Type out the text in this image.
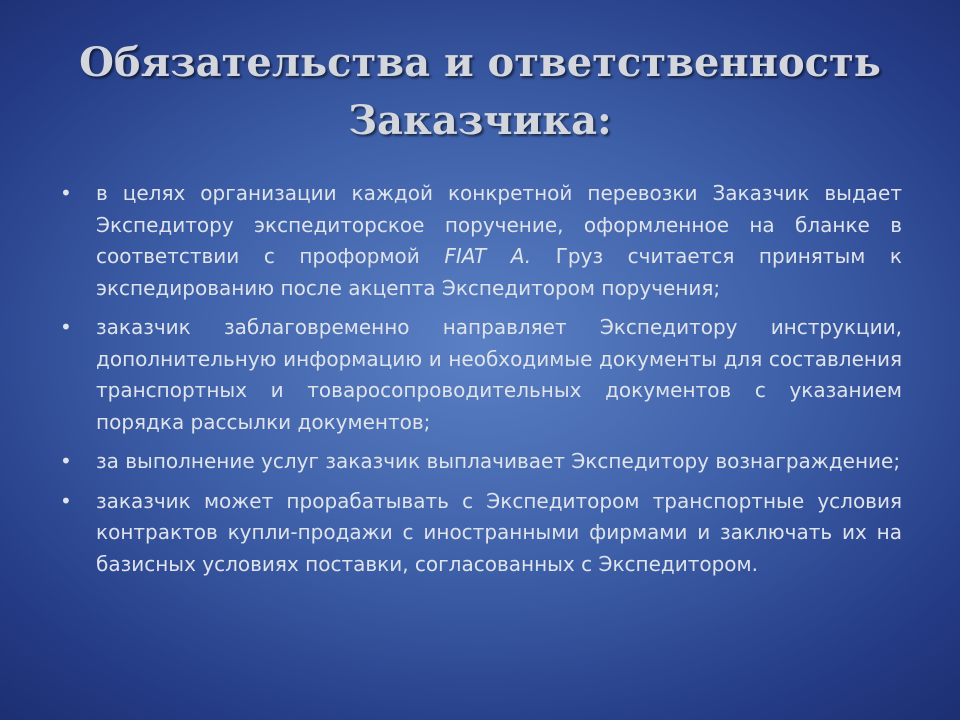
Обязательства и ответственность
Заказчика:
• в целях организации каждой конкретной перевозки Заказчик выдает Экспедитору экспедиторское поручение, оформленное на бланке в соответствии с проформой FIAT A. Груз считается принятым к экспедированию после акцепта Экспедитором поручения;
• заказчик заблаговременно направляет Экспедитору инструкции, дополнительную информацию и необходимые документы для составления транспортных и товаросопроводительных документов с указанием порядка рассылки документов;
• за выполнение услуг заказчик выплачивает Экспедитору вознаграждение;
• заказчик может прорабатывать с Экспедитором транспортные условия контрактов купли-продажи с иностранными фирмами и заключать их на базисных условиях поставки, согласованных с Экспедитором.
